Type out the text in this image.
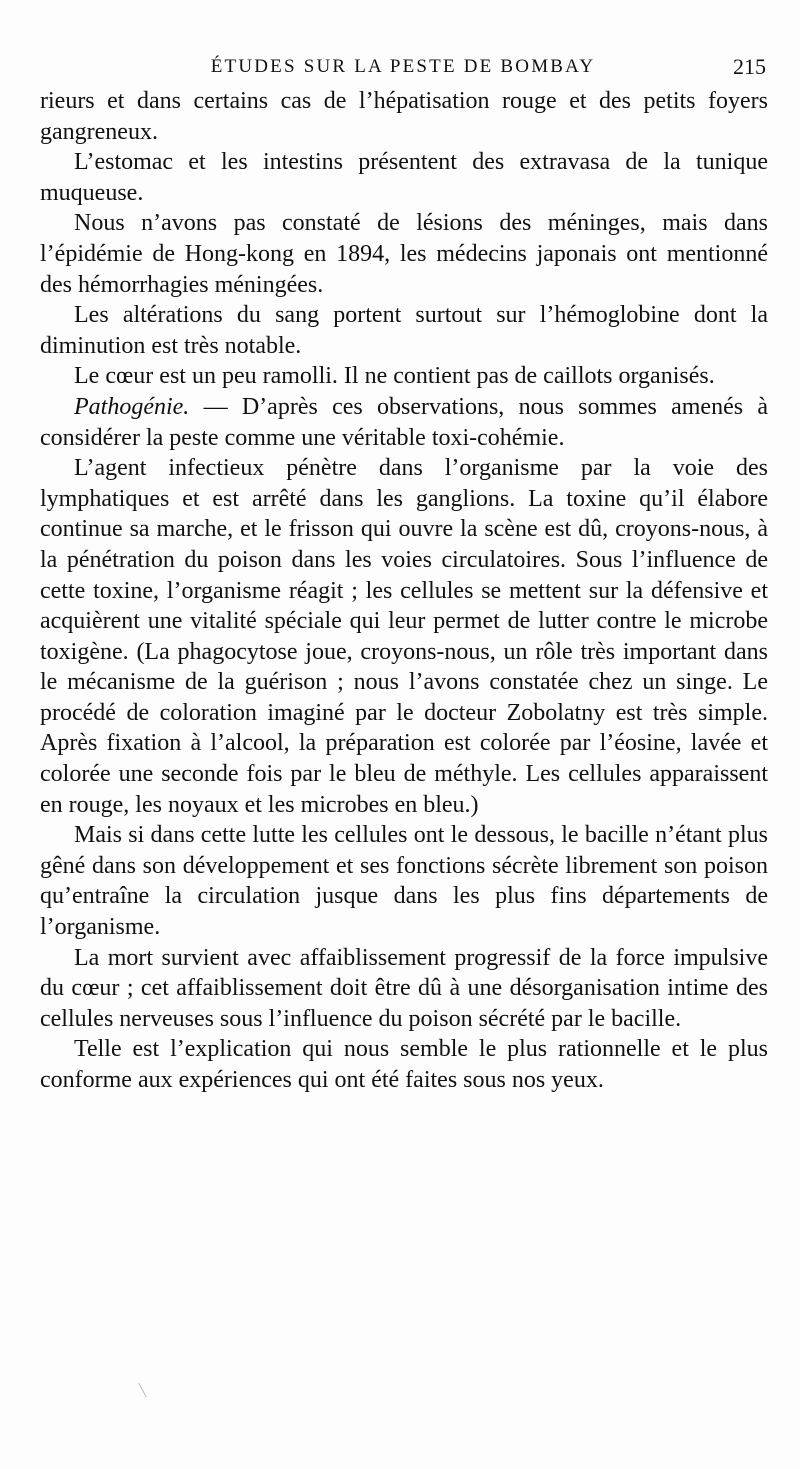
ÉTUDES SUR LA PESTE DE BOMBAY	215

rieurs et dans certains cas de l’hépatisation rouge et des petits foyers gangreneux.

L’estomac et les intestins présentent des extravasa de la tunique muqueuse.

Nous n’avons pas constaté de lésions des méninges, mais dans l’épidémie de Hong-kong en 1894, les médecins japonais ont mentionné des hémorrhagies méningées.

Les altérations du sang portent surtout sur l’hémoglobine dont la diminution est très notable.

Le cœur est un peu ramolli. Il ne contient pas de caillots organisés.

Pathogénie. — D’après ces observations, nous sommes amenés à considérer la peste comme une véritable toxi-cohémie.

L’agent infectieux pénètre dans l’organisme par la voie des lymphatiques et est arrêté dans les ganglions. La toxine qu’il élabore continue sa marche, et le frisson qui ouvre la scène est dû, croyons-nous, à la pénétration du poison dans les voies circulatoires. Sous l’influence de cette toxine, l’organisme réagit ; les cellules se mettent sur la défensive et acquièrent une vitalité spéciale qui leur permet de lutter contre le microbe toxigène. (La phagocytose joue, croyons-nous, un rôle très important dans le mécanisme de la guérison ; nous l’avons constatée chez un singe. Le procédé de coloration imaginé par le docteur Zobolatny est très simple. Après fixation à l’alcool, la préparation est colorée par l’éosine, lavée et colorée une seconde fois par le bleu de méthyle. Les cellules apparaissent en rouge, les noyaux et les microbes en bleu.)

Mais si dans cette lutte les cellules ont le dessous, le bacille n’étant plus gêné dans son développement et ses fonctions sécrète librement son poison qu’entraîne la circulation jusque dans les plus fins départements de l’organisme.

La mort survient avec affaiblissement progressif de la force impulsive du cœur ; cet affaiblissement doit être dû à une désorganisation intime des cellules nerveuses sous l’influence du poison sécrété par le bacille.

Telle est l’explication qui nous semble le plus rationnelle et le plus conforme aux expériences qui ont été faites sous nos yeux.
